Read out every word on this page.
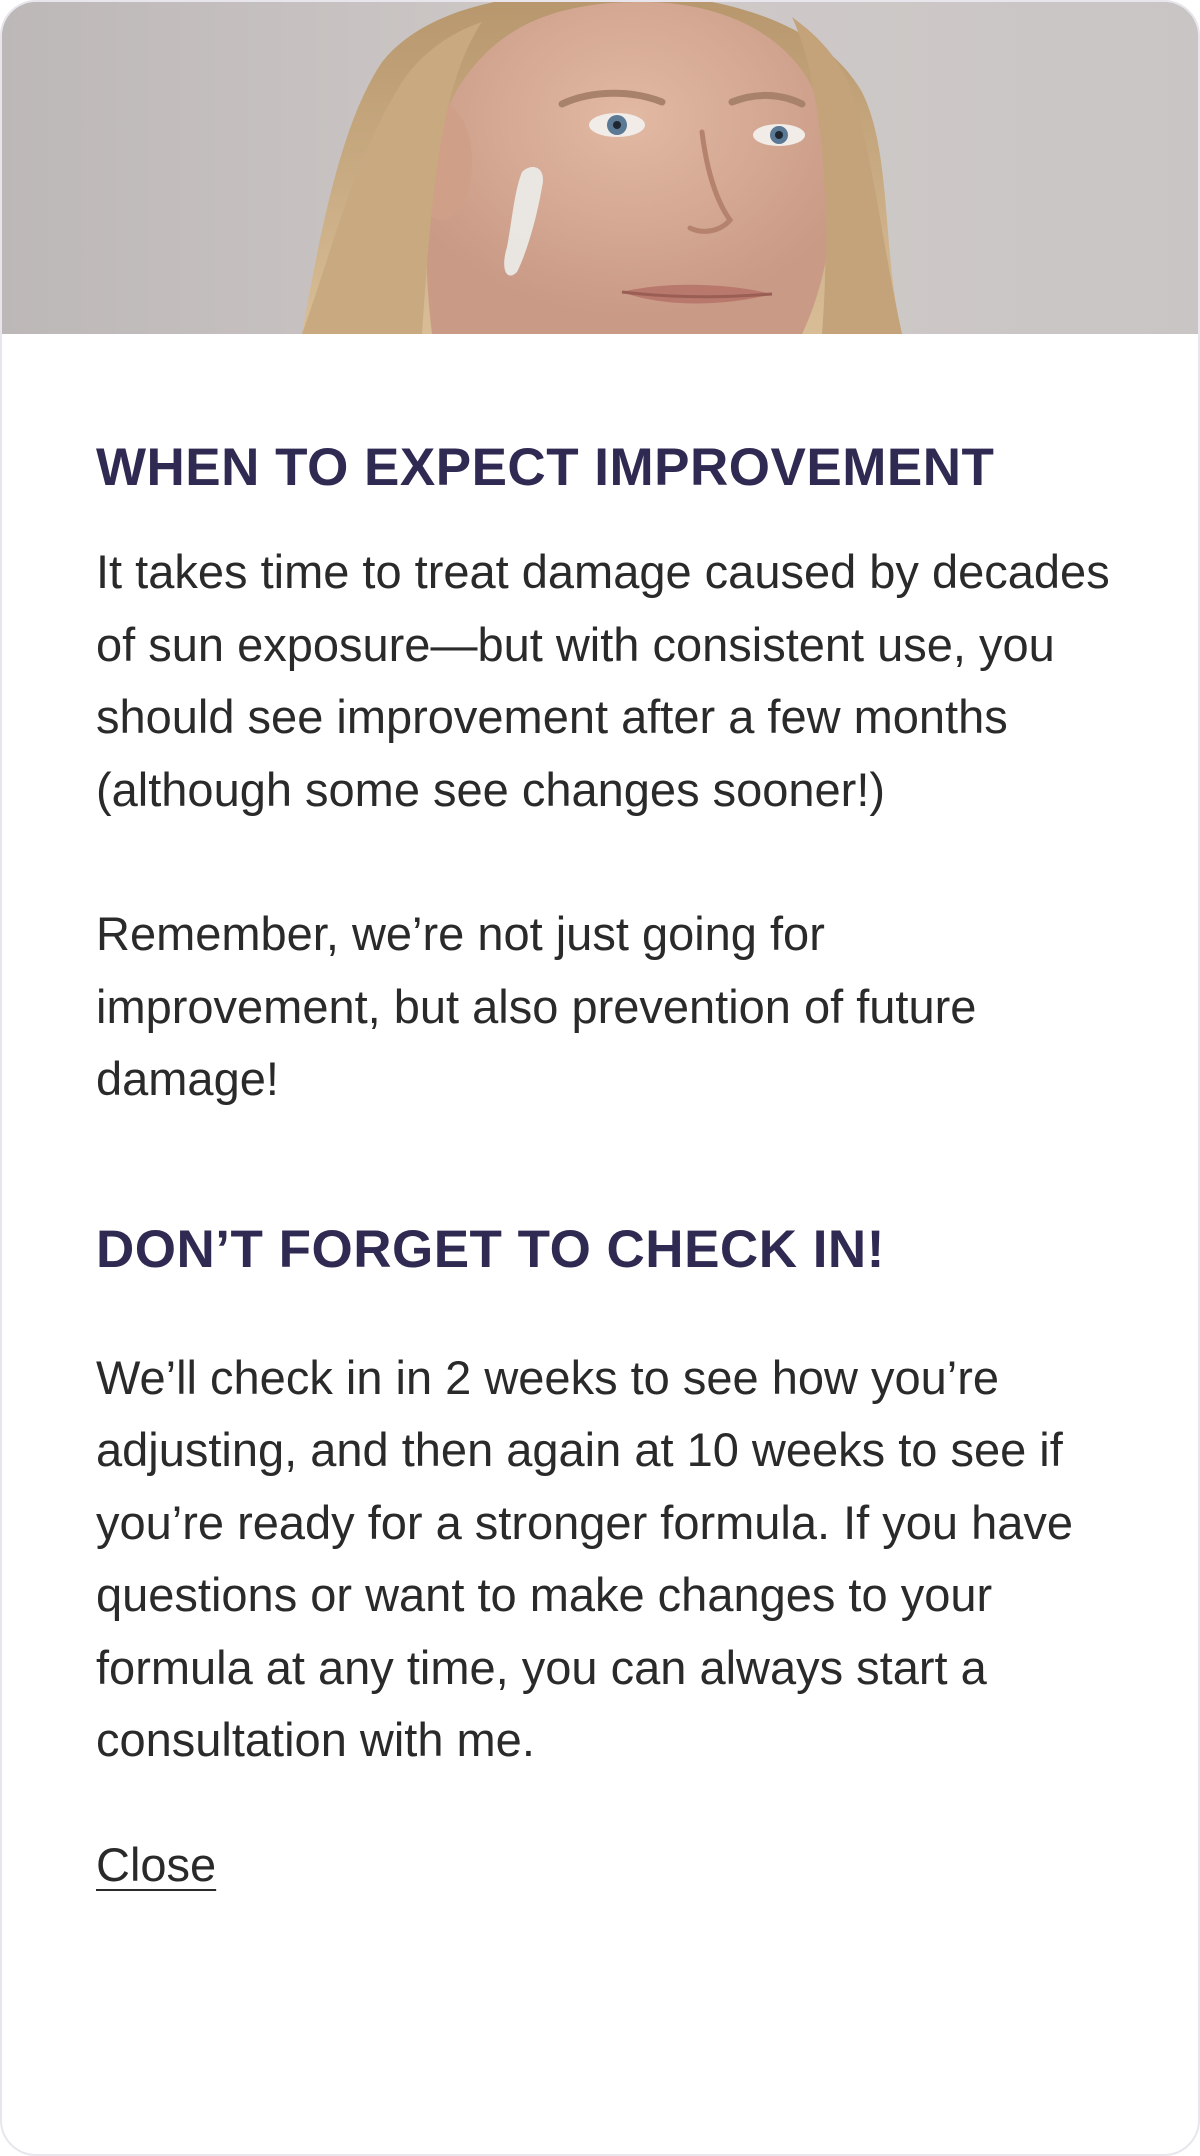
WHEN TO EXPECT IMPROVEMENT

It takes time to treat damage caused by decades of sun exposure—but with consistent use, you should see improvement after a few months (although some see changes sooner!)

Remember, we’re not just going for improvement, but also prevention of future damage!

DON’T FORGET TO CHECK IN!

We’ll check in in 2 weeks to see how you’re adjusting, and then again at 10 weeks to see if you’re ready for a stronger formula. If you have questions or want to make changes to your formula at any time, you can always start a consultation with me.

Close
